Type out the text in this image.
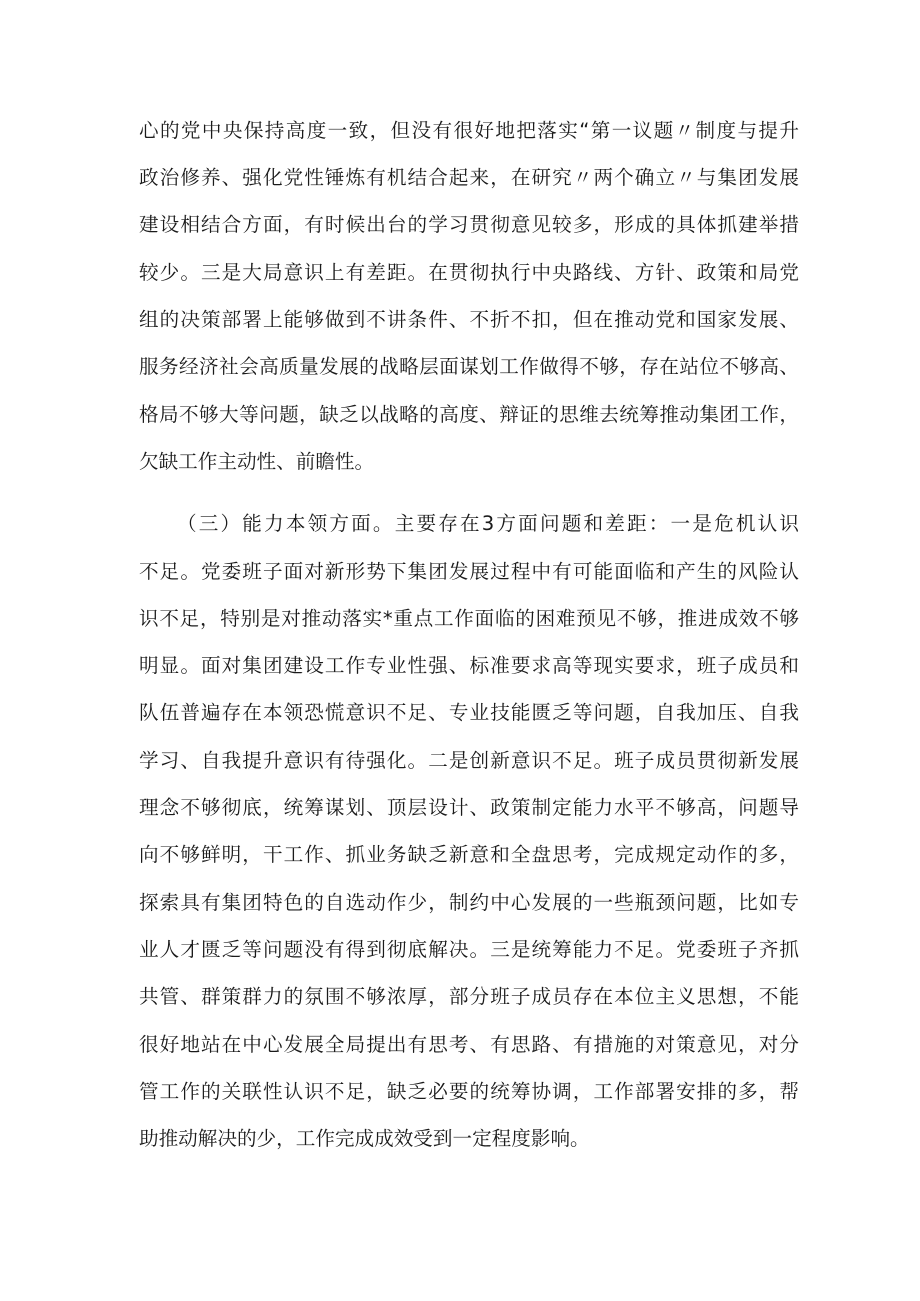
心的党中央保持高度一致，但没有很好地把落实“第一议题〃制度与提升
政治修养、强化党性锤炼有机结合起来，在研究〃两个确立〃与集团发展
建设相结合方面，有时候出台的学习贯彻意见较多，形成的具体抓建举措
较少。三是大局意识上有差距。在贯彻执行中央路线、方针、政策和局党
组的决策部署上能够做到不讲条件、不折不扣，但在推动党和国家发展、
服务经济社会高质量发展的战略层面谋划工作做得不够，存在站位不够高、
格局不够大等问题，缺乏以战略的高度、辩证的思维去统筹推动集团工作，
欠缺工作主动性、前瞻性。
（三）能力本领方面。主要存在3方面问题和差距：一是危机认识
不足。党委班子面对新形势下集团发展过程中有可能面临和产生的风险认
识不足，特别是对推动落实*重点工作面临的困难预见不够，推进成效不够
明显。面对集团建设工作专业性强、标准要求高等现实要求，班子成员和
队伍普遍存在本领恐慌意识不足、专业技能匮乏等问题，自我加压、自我
学习、自我提升意识有待强化。二是创新意识不足。班子成员贯彻新发展
理念不够彻底，统筹谋划、顶层设计、政策制定能力水平不够高，问题导
向不够鲜明，干工作、抓业务缺乏新意和全盘思考，完成规定动作的多，
探索具有集团特色的自选动作少，制约中心发展的一些瓶颈问题，比如专
业人才匮乏等问题没有得到彻底解决。三是统筹能力不足。党委班子齐抓
共管、群策群力的氛围不够浓厚，部分班子成员存在本位主义思想，不能
很好地站在中心发展全局提出有思考、有思路、有措施的对策意见，对分
管工作的关联性认识不足，缺乏必要的统筹协调，工作部署安排的多，帮
助推动解决的少，工作完成成效受到一定程度影响。
